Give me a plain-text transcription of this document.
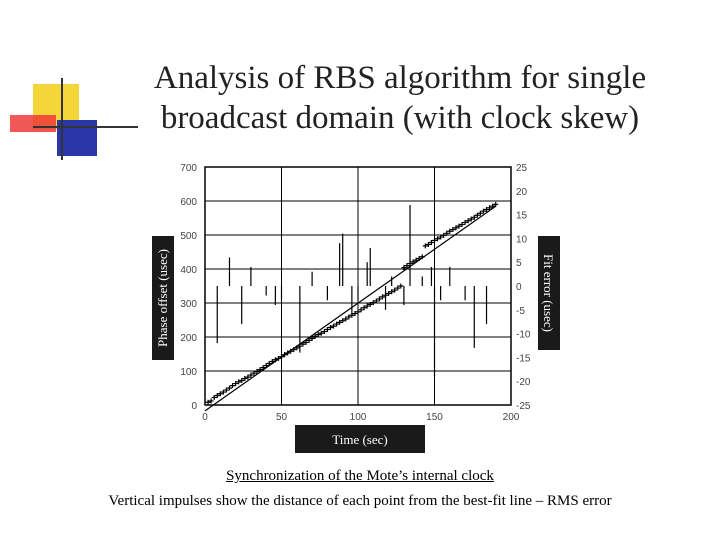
Analysis of RBS algorithm for single
broadcast domain (with clock skew)
0	50	100	150	200
0
100
200
300
400
500
600
700
-25
-20
-15
-10
-5
0
5
10
15
20
25
Phase offset (usec)	Fit error (usec)
Time (sec)
Synchronization of the Mote’s internal clock
Vertical impulses show the distance of each point from the best-fit line – RMS error
